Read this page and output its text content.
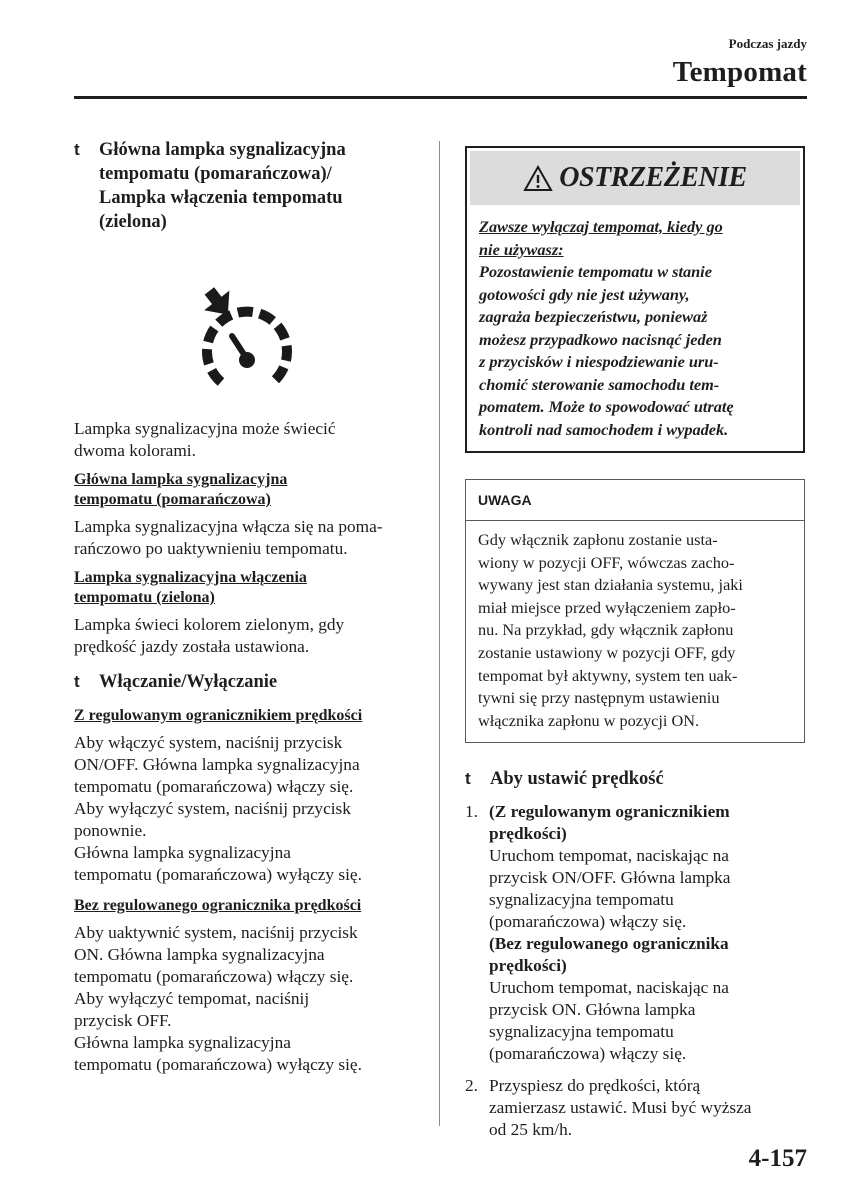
Podczas jazdy
Tempomat
t Główna lampka sygnalizacyjna
tempomatu (pomarańczowa)/
Lampka włączenia tempomatu
(zielona)
Lampka sygnalizacyjna może świecić
dwoma kolorami.
Główna lampka sygnalizacyjna
tempomatu (pomarańczowa)
Lampka sygnalizacyjna włącza się na poma-
rańczowo po uaktywnieniu tempomatu.
Lampka sygnalizacyjna włączenia
tempomatu (zielona)
Lampka świeci kolorem zielonym, gdy
prędkość jazdy została ustawiona.
t Włączanie/Wyłączanie
Z regulowanym ogranicznikiem prędkości
Aby włączyć system, naciśnij przycisk
ON/OFF. Główna lampka sygnalizacyjna
tempomatu (pomarańczowa) włączy się.
Aby wyłączyć system, naciśnij przycisk
ponownie.
Główna lampka sygnalizacyjna
tempomatu (pomarańczowa) wyłączy się.
Bez regulowanego ogranicznika prędkości
Aby uaktywnić system, naciśnij przycisk
ON. Główna lampka sygnalizacyjna
tempomatu (pomarańczowa) włączy się.
Aby wyłączyć tempomat, naciśnij
przycisk OFF.
Główna lampka sygnalizacyjna
tempomatu (pomarańczowa) wyłączy się.
OSTRZEŻENIE
Zawsze wyłączaj tempomat, kiedy go
nie używasz:
Pozostawienie tempomatu w stanie
gotowości gdy nie jest używany,
zagraża bezpieczeństwu, ponieważ
możesz przypadkowo nacisnąć jeden
z przycisków i niespodziewanie uru-
chomić sterowanie samochodu tem-
pomatem. Może to spowodować utratę
kontroli nad samochodem i wypadek.
UWAGA
Gdy włącznik zapłonu zostanie usta-
wiony w pozycji OFF, wówczas zacho-
wywany jest stan działania systemu, jaki
miał miejsce przed wyłączeniem zapło-
nu. Na przykład, gdy włącznik zapłonu
zostanie ustawiony w pozycji OFF, gdy
tempomat był aktywny, system ten uak-
tywni się przy następnym ustawieniu
włącznika zapłonu w pozycji ON.
t Aby ustawić prędkość
1. (Z regulowanym ogranicznikiem
prędkości)
Uruchom tempomat, naciskając na
przycisk ON/OFF. Główna lampka
sygnalizacyjna tempomatu
(pomarańczowa) włączy się.
(Bez regulowanego ogranicznika
prędkości)
Uruchom tempomat, naciskając na
przycisk ON. Główna lampka
sygnalizacyjna tempomatu
(pomarańczowa) włączy się.
2. Przyspiesz do prędkości, którą
zamierzasz ustawić. Musi być wyższa
od 25 km/h.
4-157
